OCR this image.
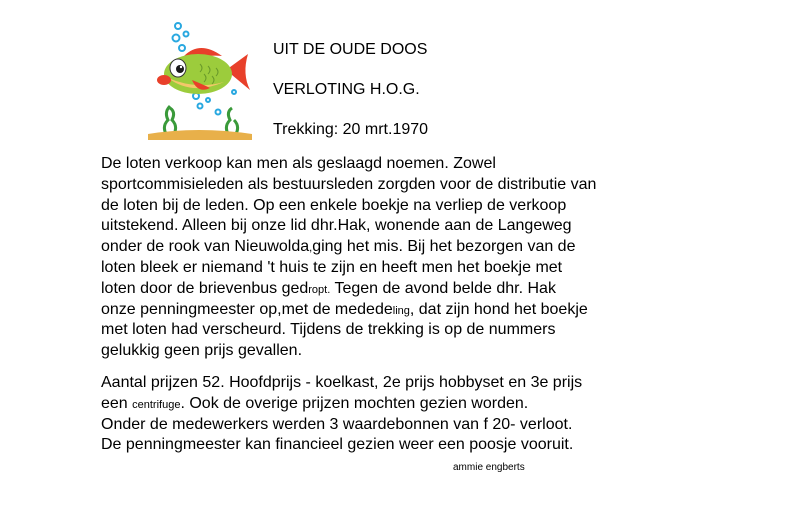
UIT DE OUDE DOOS
VERLOTING H.O.G.
Trekking: 20 mrt.1970
De loten verkoop kan men als geslaagd noemen. Zowel
sportcommisieleden als bestuursleden zorgden voor de distributie van
de loten bij de leden. Op een enkele boekje na verliep de verkoop
uitstekend. Alleen bij onze lid dhr.Hak, wonende aan de Langeweg
onder de rook van Nieuwolda,ging het mis. Bij het bezorgen van de
loten bleek er niemand 't huis te zijn en heeft men het boekje met
loten door de brievenbus gedropt. Tegen de avond belde dhr. Hak
onze penningmeester op,met de mededeling, dat zijn hond het boekje
met loten had verscheurd. Tijdens de trekking is op de nummers
gelukkig geen prijs gevallen.
Aantal prijzen 52. Hoofdprijs - koelkast, 2e prijs hobbyset en 3e prijs
een centrifuge. Ook de overige prijzen mochten gezien worden.
Onder de medewerkers werden 3 waardebonnen van f 20- verloot.
De penningmeester kan financieel gezien weer een poosje vooruit.
ammie engberts
